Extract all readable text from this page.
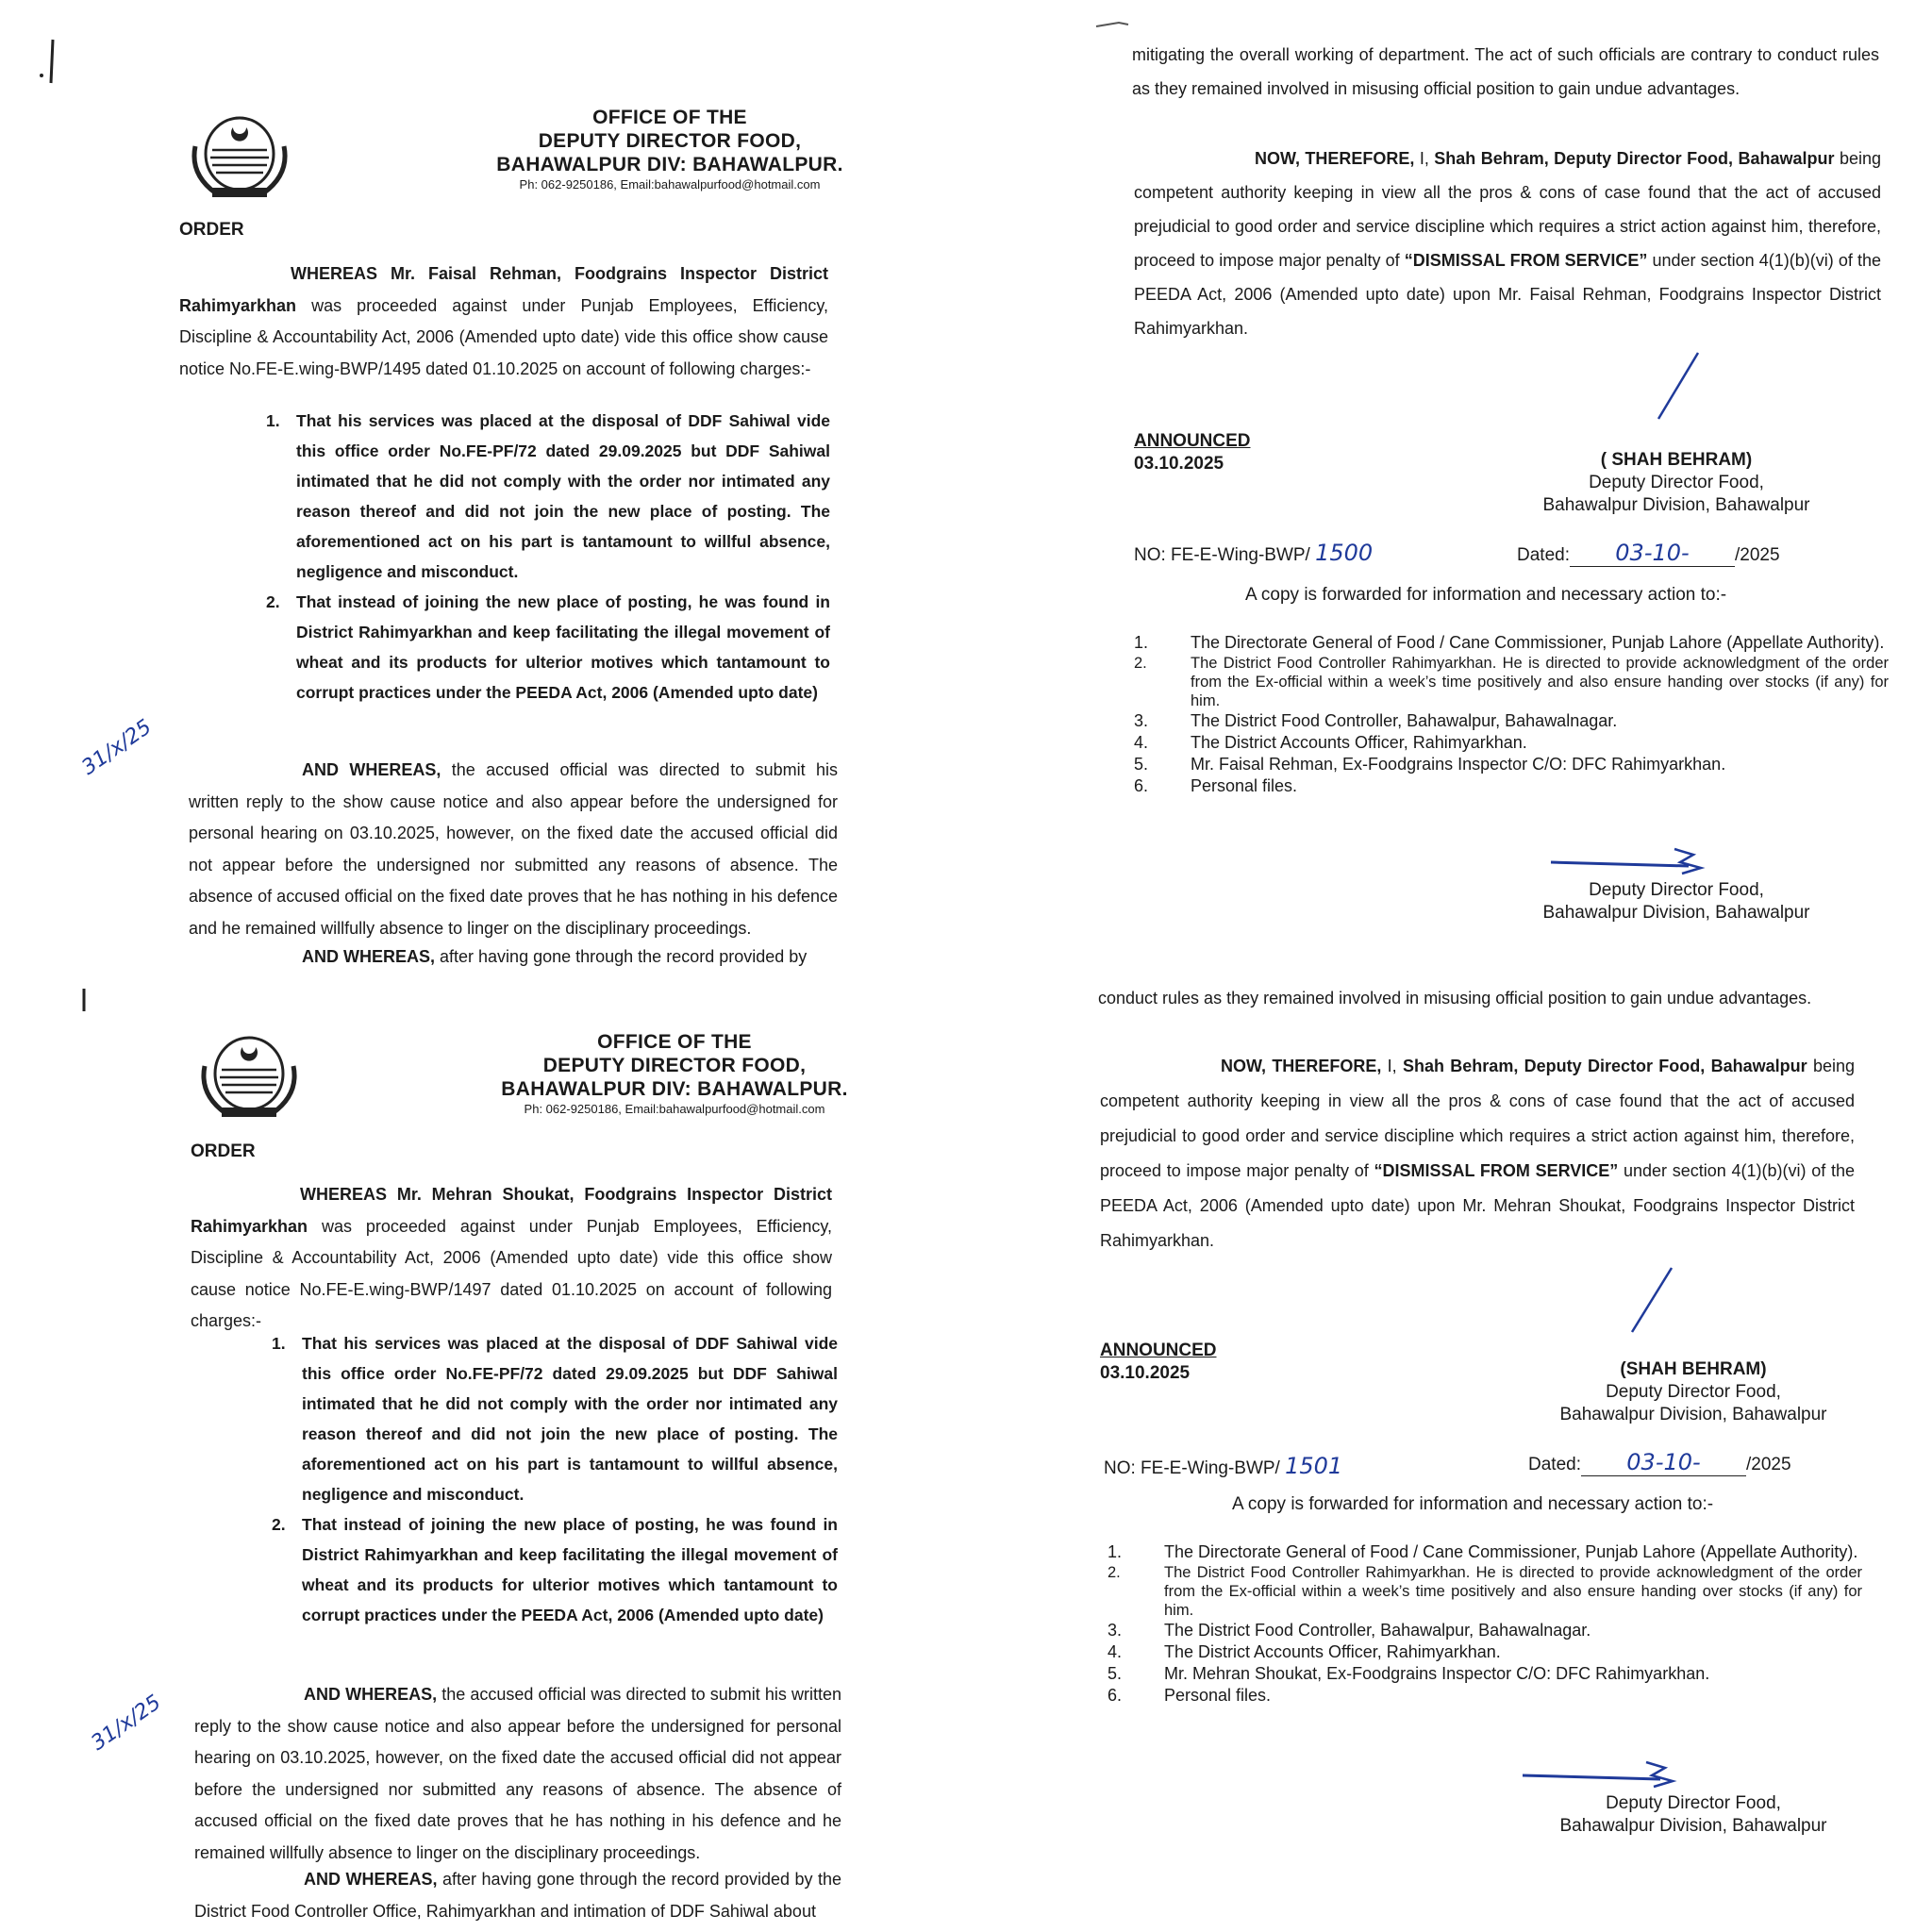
OFFICE OF THE
DEPUTY DIRECTOR FOOD,
BAHAWALPUR DIV: BAHAWALPUR.
Ph: 062-9250186, Email:bahawalpurfood@hotmail.com
ORDER
WHEREAS Mr. Faisal Rehman, Foodgrains Inspector District Rahimyarkhan was proceeded against under Punjab Employees, Efficiency, Discipline & Accountability Act, 2006 (Amended upto date) vide this office show cause notice No.FE-E.wing-BWP/1495 dated 01.10.2025 on account of following charges:-
1. That his services was placed at the disposal of DDF Sahiwal vide this office order No.FE-PF/72 dated 29.09.2025 but DDF Sahiwal intimated that he did not comply with the order nor intimated any reason thereof and did not join the new place of posting. The aforementioned act on his part is tantamount to willful absence, negligence and misconduct.
2. That instead of joining the new place of posting, he was found in District Rahimyarkhan and keep facilitating the illegal movement of wheat and its products for ulterior motives which tantamount to corrupt practices under the PEEDA Act, 2006 (Amended upto date)
31/x/25	AND WHEREAS, the accused official was directed to submit his written reply to the show cause notice and also appear before the undersigned for personal hearing on 03.10.2025, however, on the fixed date the accused official did not appear before the undersigned nor submitted any reasons of absence. The absence of accused official on the fixed date proves that he has nothing in his defence and he remained willfully absence to linger on the disciplinary proceedings.
AND WHEREAS, after having gone through the record provided by
mitigating the overall working of department. The act of such officials are contrary to conduct rules as they remained involved in misusing official position to gain undue advantages.
NOW, THEREFORE, I, Shah Behram, Deputy Director Food, Bahawalpur being competent authority keeping in view all the pros & cons of case found that the act of accused prejudicial to good order and service discipline which requires a strict action against him, therefore, proceed to impose major penalty of “DISMISSAL FROM SERVICE” under section 4(1)(b)(vi) of the PEEDA Act, 2006 (Amended upto date) upon Mr. Faisal Rehman, Foodgrains Inspector District Rahimyarkhan.
ANNOUNCED
03.10.2025	( SHAH BEHRAM)
Deputy Director Food,
Bahawalpur Division, Bahawalpur
NO: FE-E-Wing-BWP/ 1500	Dated: 03-10-	/2025
A copy is forwarded for information and necessary action to:-
1. The Directorate General of Food / Cane Commissioner, Punjab Lahore (Appellate Authority).
2.	The District Food Controller Rahimyarkhan. He is directed to provide acknowledgment of the order from the Ex-official within a week’s time positively and also ensure handing over stocks (if any) for him.
3. The District Food Controller, Bahawalpur, Bahawalnagar.
4. The District Accounts Officer, Rahimyarkhan.
5. Mr. Faisal Rehman, Ex-Foodgrains Inspector C/O: DFC Rahimyarkhan.
6. Personal files.
Deputy Director Food,
Bahawalpur Division, Bahawalpur
OFFICE OF THE
DEPUTY DIRECTOR FOOD,
BAHAWALPUR DIV: BAHAWALPUR.
Ph: 062-9250186, Email:bahawalpurfood@hotmail.com
ORDER
WHEREAS Mr. Mehran Shoukat, Foodgrains Inspector District Rahimyarkhan was proceeded against under Punjab Employees, Efficiency, Discipline & Accountability Act, 2006 (Amended upto date) vide this office show cause notice No.FE-E.wing-BWP/1497 dated 01.10.2025 on account of following charges:-
1. That his services was placed at the disposal of DDF Sahiwal vide this office order No.FE-PF/72 dated 29.09.2025 but DDF Sahiwal intimated that he did not comply with the order nor intimated any reason thereof and did not join the new place of posting. The aforementioned act on his part is tantamount to willful absence, negligence and misconduct.
2. That instead of joining the new place of posting, he was found in District Rahimyarkhan and keep facilitating the illegal movement of wheat and its products for ulterior motives which tantamount to corrupt practices under the PEEDA Act, 2006 (Amended upto date)
31/x/25	AND WHEREAS, the accused official was directed to submit his written reply to the show cause notice and also appear before the undersigned for personal hearing on 03.10.2025, however, on the fixed date the accused official did not appear before the undersigned nor submitted any reasons of absence. The absence of accused official on the fixed date proves that he has nothing in his defence and he remained willfully absence to linger on the disciplinary proceedings.
AND WHEREAS, after having gone through the record provided by the District Food Controller Office, Rahimyarkhan and intimation of DDF Sahiwal about
conduct rules as they remained involved in misusing official position to gain undue advantages.
NOW, THEREFORE, I, Shah Behram, Deputy Director Food, Bahawalpur being competent authority keeping in view all the pros & cons of case found that the act of accused prejudicial to good order and service discipline which requires a strict action against him, therefore, proceed to impose major penalty of “DISMISSAL FROM SERVICE” under section 4(1)(b)(vi) of the PEEDA Act, 2006 (Amended upto date) upon Mr. Mehran Shoukat, Foodgrains Inspector District Rahimyarkhan.
ANNOUNCED
03.10.2025	(SHAH BEHRAM)
Deputy Director Food,
Bahawalpur Division, Bahawalpur
NO: FE-E-Wing-BWP/ 1501	Dated: 03-10-	/2025
A copy is forwarded for information and necessary action to:-
1. The Directorate General of Food / Cane Commissioner, Punjab Lahore (Appellate Authority).
2.	The District Food Controller Rahimyarkhan. He is directed to provide acknowledgment of the order from the Ex-official within a week’s time positively and also ensure handing over stocks (if any) for him.
3. The District Food Controller, Bahawalpur, Bahawalnagar.
4. The District Accounts Officer, Rahimyarkhan.
5. Mr. Mehran Shoukat, Ex-Foodgrains Inspector C/O: DFC Rahimyarkhan.
6. Personal files.
Deputy Director Food,
Bahawalpur Division, Bahawalpur
